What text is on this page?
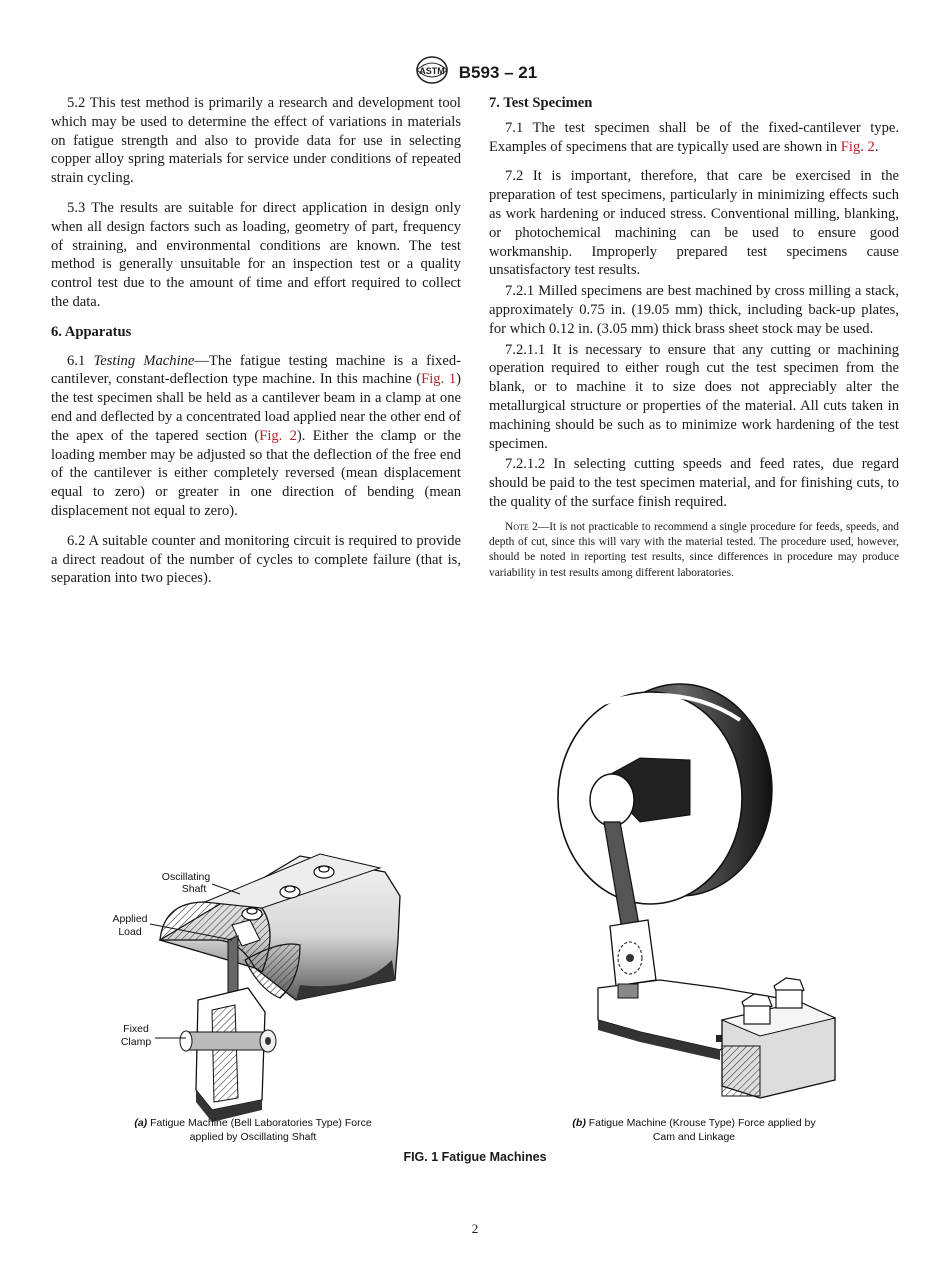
ASTM B593 – 21

5.2 This test method is primarily a research and development tool which may be used to determine the effect of variations in materials on fatigue strength and also to provide data for use in selecting copper alloy spring materials for service under conditions of repeated strain cycling.

5.3 The results are suitable for direct application in design only when all design factors such as loading, geometry of part, frequency of straining, and environmental conditions are known. The test method is generally unsuitable for an inspection test or a quality control test due to the amount of time and effort required to collect the data.

6. Apparatus

6.1 Testing Machine—The fatigue testing machine is a fixed-cantilever, constant-deflection type machine. In this machine (Fig. 1) the test specimen shall be held as a cantilever beam in a clamp at one end and deflected by a concentrated load applied near the other end of the apex of the tapered section (Fig. 2). Either the clamp or the loading member may be adjusted so that the deflection of the free end of the cantilever is either completely reversed (mean displacement equal to zero) or greater in one direction of bending (mean displacement not equal to zero).

6.2 A suitable counter and monitoring circuit is required to provide a direct readout of the number of cycles to complete failure (that is, separation into two pieces).

7. Test Specimen

7.1 The test specimen shall be of the fixed-cantilever type. Examples of specimens that are typically used are shown in Fig. 2.

7.2 It is important, therefore, that care be exercised in the preparation of test specimens, particularly in minimizing effects such as work hardening or induced stress. Conventional milling, blanking, or photochemical machining can be used to ensure good workmanship. Improperly prepared test specimens cause unsatisfactory test results.

7.2.1 Milled specimens are best machined by cross milling a stack, approximately 0.75 in. (19.05 mm) thick, including back-up plates, for which 0.12 in. (3.05 mm) thick brass sheet stock may be used.

7.2.1.1 It is necessary to ensure that any cutting or machining operation required to either rough cut the test specimen from the blank, or to machine it to size does not appreciably alter the metallurgical structure or properties of the material. All cuts taken in machining should be such as to minimize work hardening of the test specimen.

7.2.1.2 In selecting cutting speeds and feed rates, due regard should be paid to the test specimen material, and for finishing cuts, to the quality of the surface finish required.

Note 2—It is not practicable to recommend a single procedure for feeds, speeds, and depth of cut, since this will vary with the material tested. The procedure used, however, should be noted in reporting test results, since differences in procedure may produce variability in test results among different laboratories.

Oscillating
Shaft
Applied
Load
Fixed
Clamp
(a) Fatigue Machine (Bell Laboratories Type) Force
applied by Oscillating Shaft
(b) Fatigue Machine (Krouse Type) Force applied by
Cam and Linkage
FIG. 1 Fatigue Machines
2
